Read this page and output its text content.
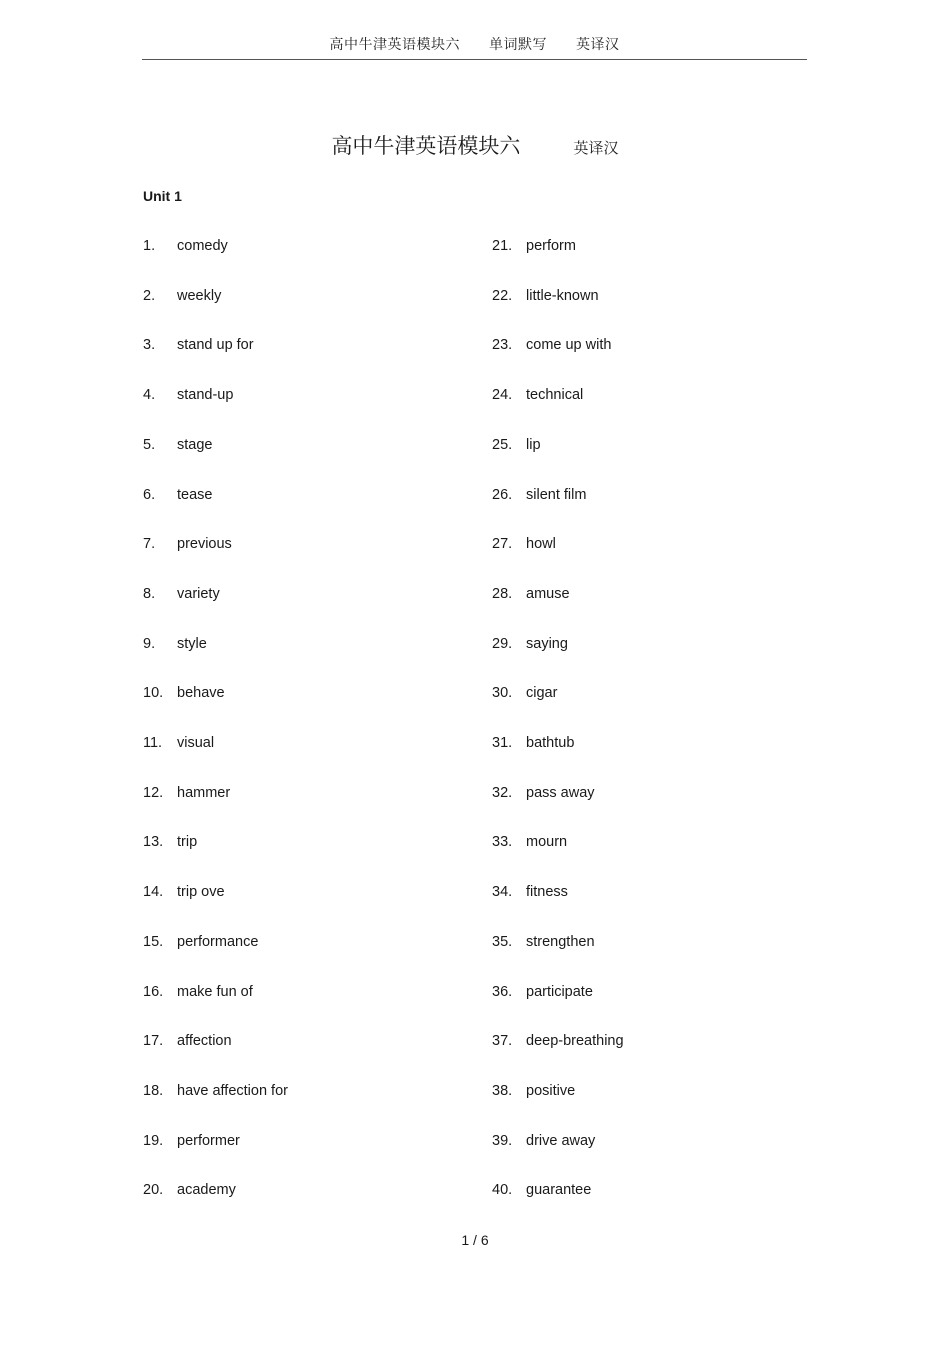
高中牛津英语模块六 单词默写 英译汉
高中牛津英语模块六	英译汉
Unit 1
1. comedy
2. weekly
3. stand up for
4. stand-up
5. stage
6. tease
7. previous
8. variety
9. style
10. behave
11. visual
12. hammer
13. trip
14. trip ove
15. performance
16. make fun of
17. affection
18. have affection for
19. performer
20. academy
21. perform
22. little-known
23. come up with
24. technical
25. lip
26. silent film
27. howl
28. amuse
29. saying
30. cigar
31. bathtub
32. pass away
33. mourn
34. fitness
35. strengthen
36. participate
37. deep-breathing
38. positive
39. drive away
40. guarantee
1 / 6
